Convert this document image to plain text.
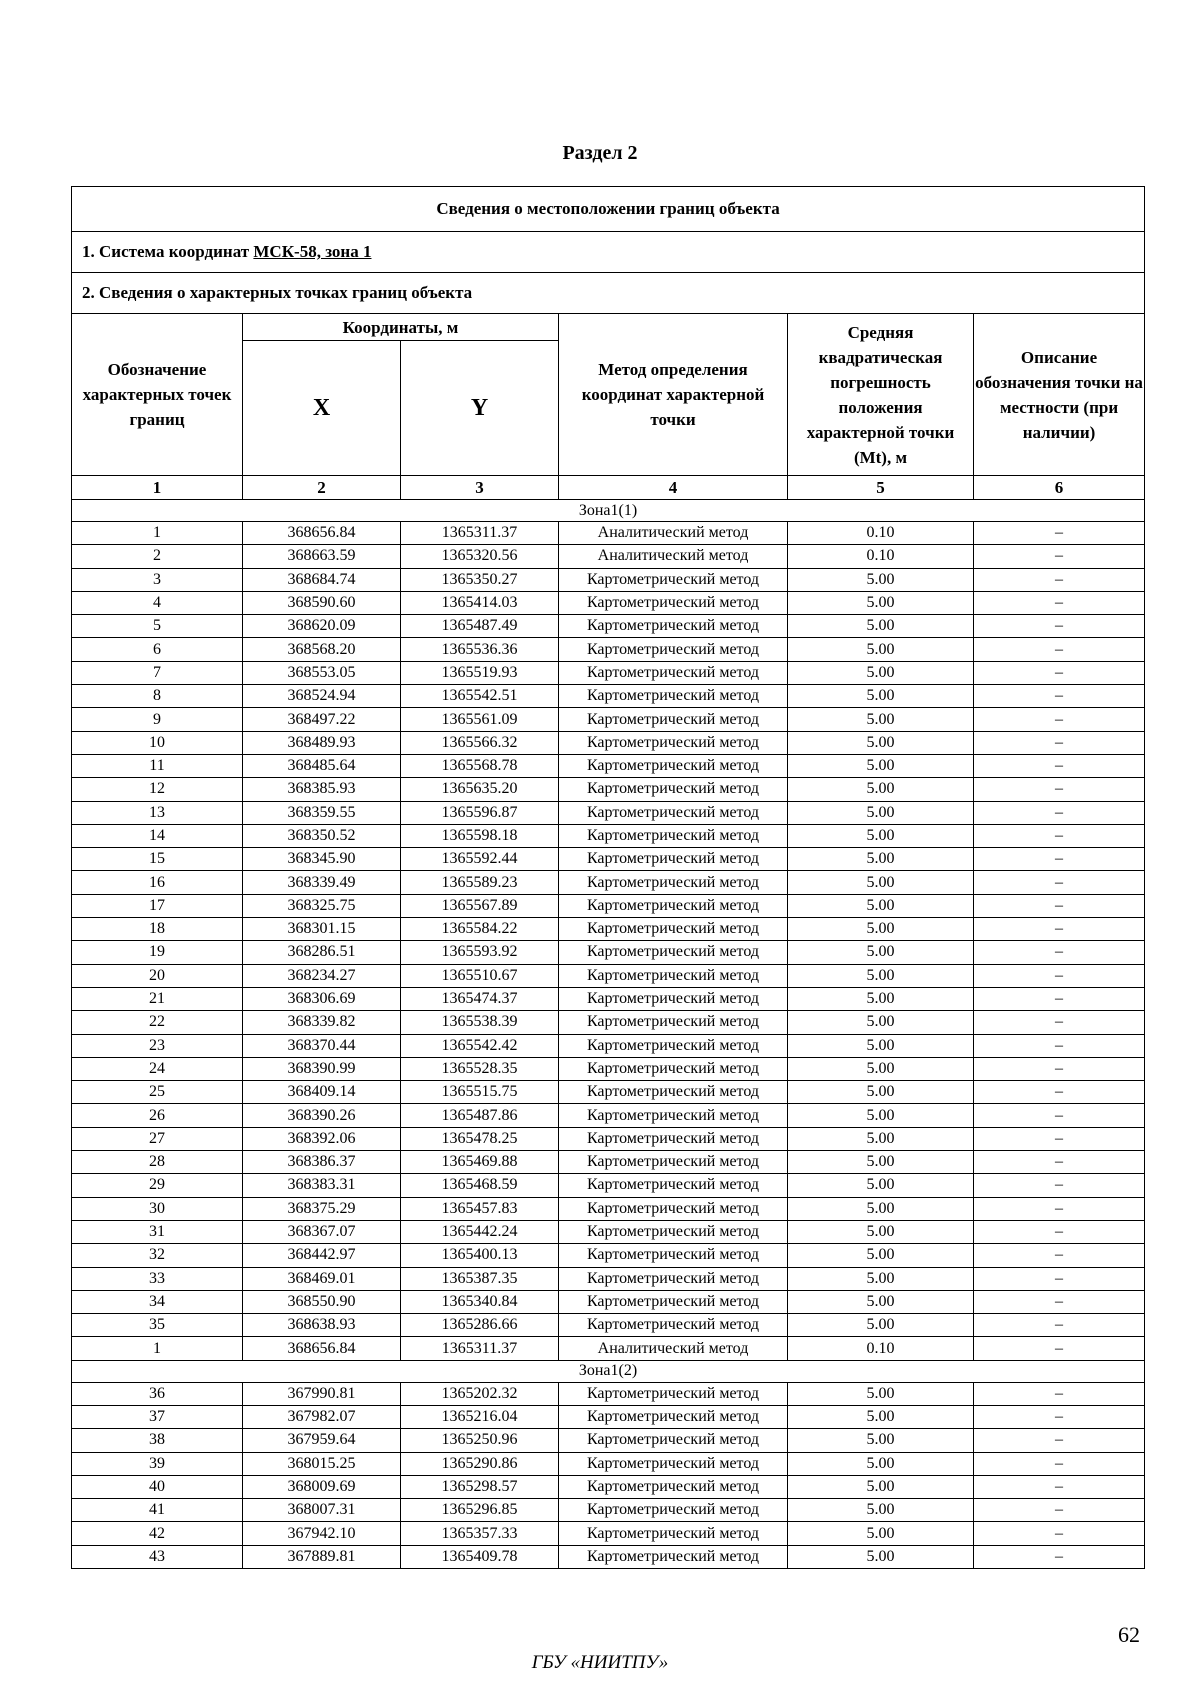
Раздел 2
Сведения о местоположении границ объекта					
1. Система координат МСК-58, зона 1					
2. Сведения о характерных точках границ объекта					
Обозначение характерных точек границ	Координаты, м		Метод определения координат характерной точки	Средняя квадратическая погрешность положения характерной точки (Mt), м	Описание обозначения точки на местности (при наличии)
	X	Y			
1	2	3	4	5	6
Зона1(1)					
1	368656.84	1365311.37	Аналитический метод	0.10	–
2	368663.59	1365320.56	Аналитический метод	0.10	–
3	368684.74	1365350.27	Картометрический метод	5.00	–
4	368590.60	1365414.03	Картометрический метод	5.00	–
5	368620.09	1365487.49	Картометрический метод	5.00	–
6	368568.20	1365536.36	Картометрический метод	5.00	–
7	368553.05	1365519.93	Картометрический метод	5.00	–
8	368524.94	1365542.51	Картометрический метод	5.00	–
9	368497.22	1365561.09	Картометрический метод	5.00	–
10	368489.93	1365566.32	Картометрический метод	5.00	–
11	368485.64	1365568.78	Картометрический метод	5.00	–
12	368385.93	1365635.20	Картометрический метод	5.00	–
13	368359.55	1365596.87	Картометрический метод	5.00	–
14	368350.52	1365598.18	Картометрический метод	5.00	–
15	368345.90	1365592.44	Картометрический метод	5.00	–
16	368339.49	1365589.23	Картометрический метод	5.00	–
17	368325.75	1365567.89	Картометрический метод	5.00	–
18	368301.15	1365584.22	Картометрический метод	5.00	–
19	368286.51	1365593.92	Картометрический метод	5.00	–
20	368234.27	1365510.67	Картометрический метод	5.00	–
21	368306.69	1365474.37	Картометрический метод	5.00	–
22	368339.82	1365538.39	Картометрический метод	5.00	–
23	368370.44	1365542.42	Картометрический метод	5.00	–
24	368390.99	1365528.35	Картометрический метод	5.00	–
25	368409.14	1365515.75	Картометрический метод	5.00	–
26	368390.26	1365487.86	Картометрический метод	5.00	–
27	368392.06	1365478.25	Картометрический метод	5.00	–
28	368386.37	1365469.88	Картометрический метод	5.00	–
29	368383.31	1365468.59	Картометрический метод	5.00	–
30	368375.29	1365457.83	Картометрический метод	5.00	–
31	368367.07	1365442.24	Картометрический метод	5.00	–
32	368442.97	1365400.13	Картометрический метод	5.00	–
33	368469.01	1365387.35	Картометрический метод	5.00	–
34	368550.90	1365340.84	Картометрический метод	5.00	–
35	368638.93	1365286.66	Картометрический метод	5.00	–
1	368656.84	1365311.37	Аналитический метод	0.10	–
Зона1(2)					
36	367990.81	1365202.32	Картометрический метод	5.00	–
37	367982.07	1365216.04	Картометрический метод	5.00	–
38	367959.64	1365250.96	Картометрический метод	5.00	–
39	368015.25	1365290.86	Картометрический метод	5.00	–
40	368009.69	1365298.57	Картометрический метод	5.00	–
41	368007.31	1365296.85	Картометрический метод	5.00	–
42	367942.10	1365357.33	Картометрический метод	5.00	–
43	367889.81	1365409.78	Картометрический метод	5.00	–
62
ГБУ «НИИТПУ»
